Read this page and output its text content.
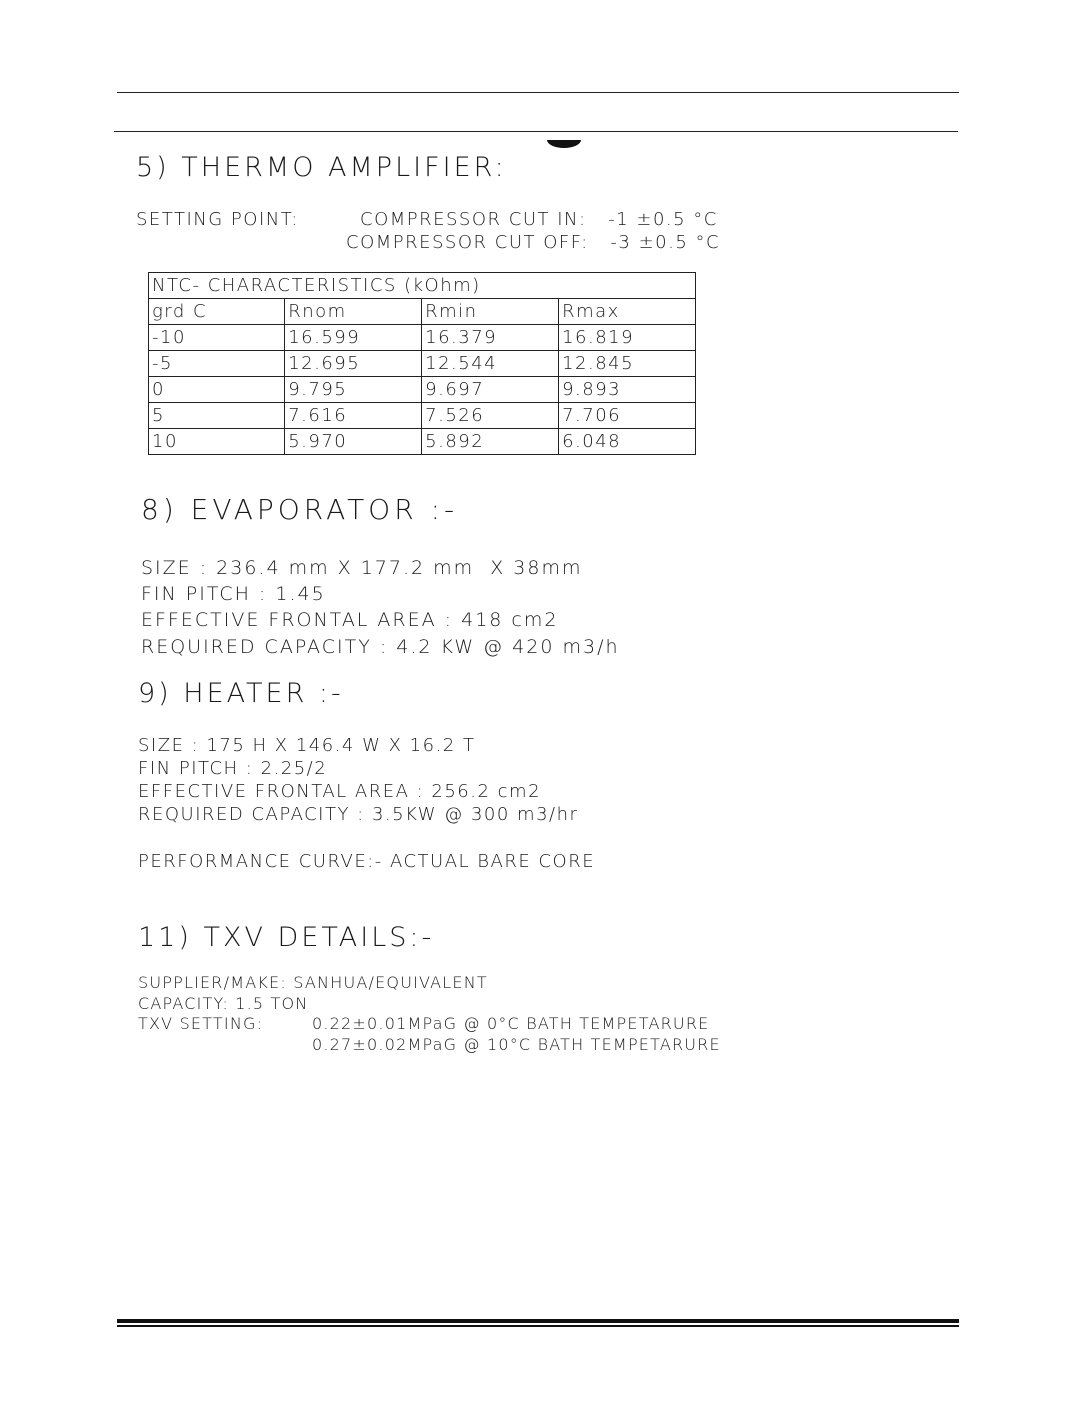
5) THERMO AMPLIFIER:
SETTING POINT:	COMPRESSOR CUT IN:   -1 ±0.5 °C
COMPRESSOR CUT OFF:   -3 ±0.5 °C
NTC- CHARACTERISTICS (kOhm)			
grd C	Rnom	Rmin	Rmax
-10	16.599	16.379	16.819
-5	12.695	12.544	12.845
0	9.795	9.697	9.893
5	7.616	7.526	7.706
10	5.970	5.892	6.048
8) EVAPORATOR :-
SIZE : 236.4 mm X 177.2 mm  X 38mm
FIN PITCH : 1.45
EFFECTIVE FRONTAL AREA : 418 cm2
REQUIRED CAPACITY : 4.2 KW @ 420 m3/h
9) HEATER :-
SIZE : 175 H X 146.4 W X 16.2 T
FIN PITCH : 2.25/2
EFFECTIVE FRONTAL AREA : 256.2 cm2
REQUIRED CAPACITY : 3.5KW @ 300 m3/hr
PERFORMANCE CURVE:- ACTUAL BARE CORE
11) TXV DETAILS:-
SUPPLIER/MAKE: SANHUA/EQUIVALENT
CAPACITY: 1.5 TON
TXV SETTING:	0.22±0.01MPaG @ 0°C BATH TEMPETARURE
0.27±0.02MPaG @ 10°C BATH TEMPETARURE
